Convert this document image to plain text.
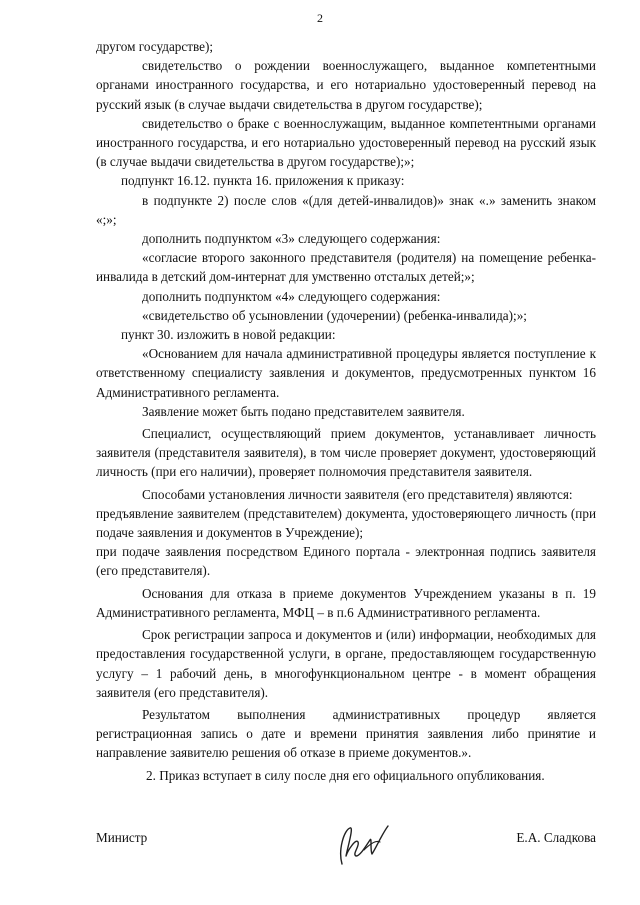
2

другом государстве);

свидетельство о рождении военнослужащего, выданное компетентными органами иностранного государства, и его нотариально удостоверенный перевод на русский язык (в случае выдачи свидетельства в другом государстве);

свидетельство о браке с военнослужащим, выданное компетентными органами иностранного государства, и его нотариально удостоверенный перевод на русский язык (в случае выдачи свидетельства в другом государстве);»;

подпункт 16.12. пункта 16. приложения к приказу:

в подпункте 2) после слов «(для детей-инвалидов)» знак «.» заменить знаком «;»;

дополнить подпунктом «3» следующего содержания:

«согласие второго законного представителя (родителя) на помещение ребенка-инвалида в детский дом-интернат для умственно отсталых детей;»;

дополнить подпунктом «4» следующего содержания:

«свидетельство об усыновлении (удочерении) (ребенка-инвалида);»;

пункт 30. изложить в новой редакции:

«Основанием для начала административной процедуры является поступление к ответственному специалисту заявления и документов, предусмотренных пунктом 16 Административного регламента.

Заявление может быть подано представителем заявителя.

Специалист, осуществляющий прием документов, устанавливает личность заявителя (представителя заявителя), в том числе проверяет документ, удостоверяющий личность (при его наличии), проверяет полномочия представителя заявителя.

Способами установления личности заявителя (его представителя) являются:

предъявление заявителем (представителем) документа, удостоверяющего личность (при подаче заявления и документов в Учреждение);

при подаче заявления посредством Единого портала - электронная подпись заявителя (его представителя).

Основания для отказа в приеме документов Учреждением указаны в п. 19 Административного регламента, МФЦ – в п.6 Административного регламента.

Срок регистрации запроса и документов и (или) информации, необходимых для предоставления государственной услуги, в органе, предоставляющем государственную услугу – 1 рабочий день, в многофункциональном центре - в момент обращения заявителя (его представителя).

Результатом выполнения административных процедур является регистрационная запись о дате и времени принятия заявления либо принятие и направление заявителю решения об отказе в приеме документов.».

2. Приказ вступает в силу после дня его официального опубликования.

Министр	Е.А. Сладкова
